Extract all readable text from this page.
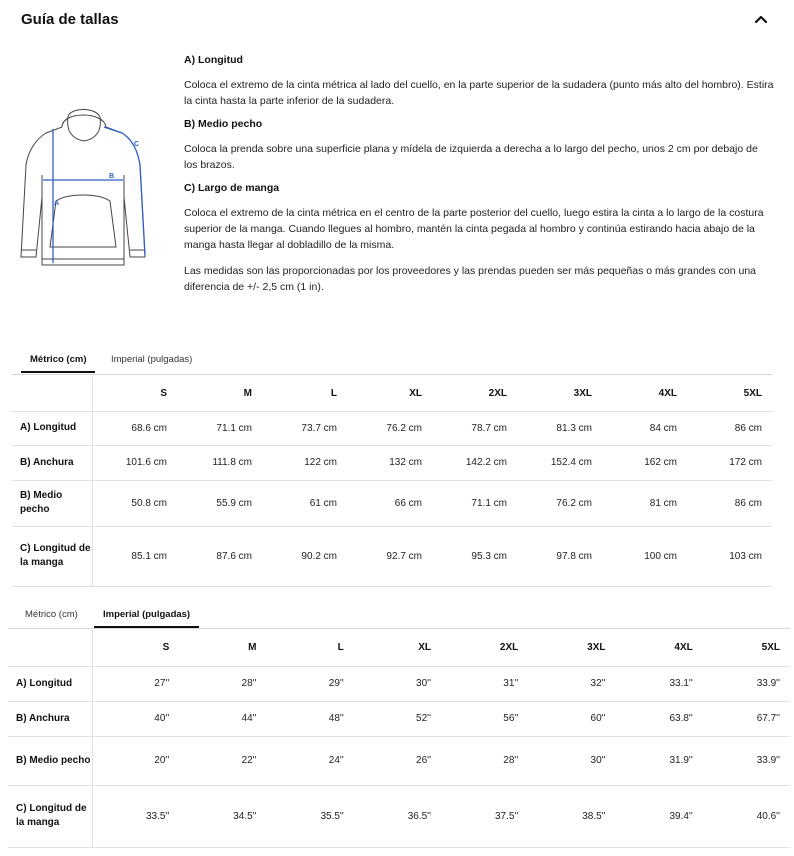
Guía de tallas
A
B
C
A) Longitud
Coloca el extremo de la cinta métrica al lado del cuello, en la parte superior de la sudadera (punto más alto del hombro). Estira la cinta hasta la parte inferior de la sudadera.
B) Medio pecho
Coloca la prenda sobre una superficie plana y mídela de izquierda a derecha a lo largo del pecho, unos 2 cm por debajo de los brazos.
C) Largo de manga
Coloca el extremo de la cinta métrica en el centro de la parte posterior del cuello, luego estira la cinta a lo largo de la costura superior de la manga. Cuando llegues al hombro, mantén la cinta pegada al hombro y continúa estirando hacia abajo de la manga hasta llegar al dobladillo de la misma.
Las medidas son las proporcionadas por los proveedores y las prendas pueden ser más pequeñas o más grandes con una diferencia de +/- 2,5 cm (1 in).
Métrico (cm)	Imperial (pulgadas)
	S	M	L	XL	2XL	3XL	4XL	5XL
A) Longitud	68.6 cm	71.1 cm	73.7 cm	76.2 cm	78.7 cm	81.3 cm	84 cm	86 cm
B) Anchura	101.6 cm	111.8 cm	122 cm	132 cm	142.2 cm	152.4 cm	162 cm	172 cm
B) Medio pecho	50.8 cm	55.9 cm	61 cm	66 cm	71.1 cm	76.2 cm	81 cm	86 cm
C) Longitud de la manga	85.1 cm	87.6 cm	90.2 cm	92.7 cm	95.3 cm	97.8 cm	100 cm	103 cm
Métrico (cm)	Imperial (pulgadas)
	S	M	L	XL	2XL	3XL	4XL	5XL
A) Longitud	27''	28''	29''	30''	31''	32''	33.1''	33.9''
B) Anchura	40''	44''	48''	52''	56''	60''	63.8''	67.7''
B) Medio pecho	20''	22''	24''	26''	28''	30''	31.9''	33.9''
C) Longitud de la manga	33.5''	34.5''	35.5''	36.5''	37.5''	38.5''	39.4''	40.6''
